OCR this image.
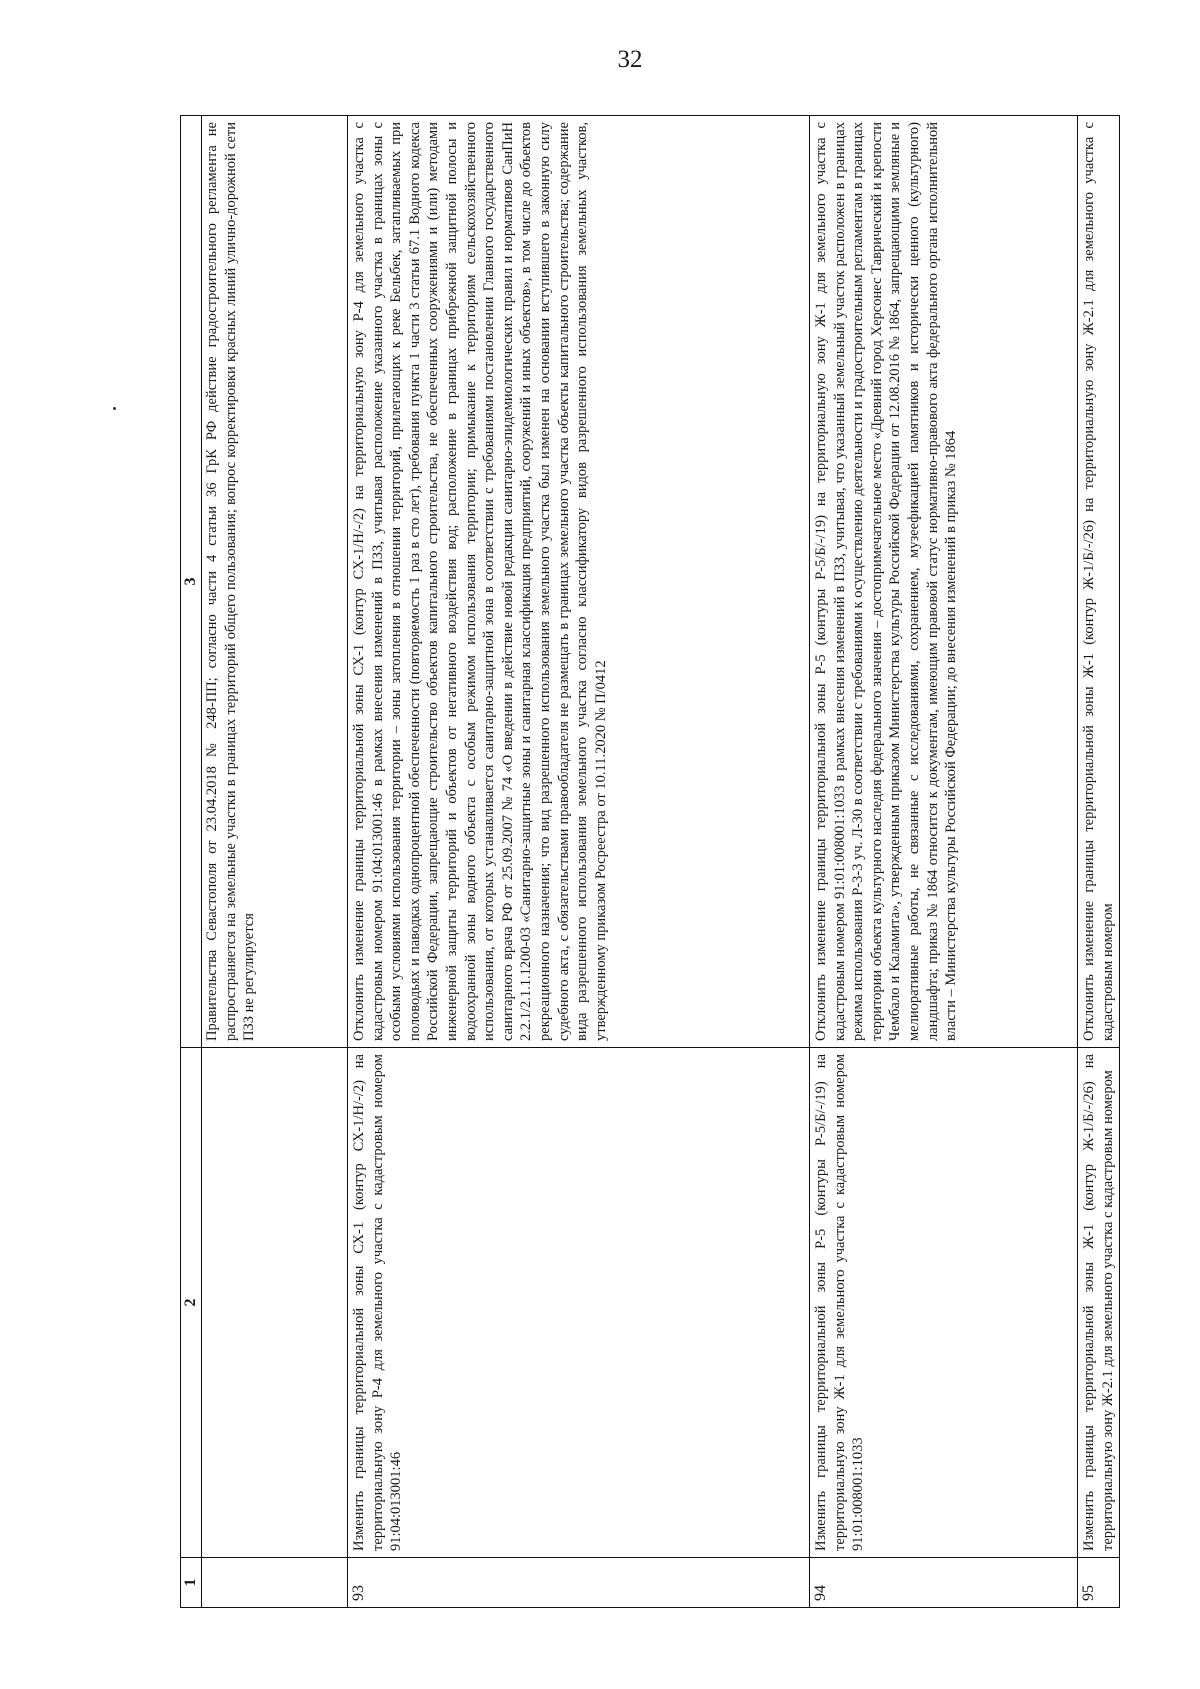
32
1	2	3
		Правительства Севастополя от 23.04.2018 № 248-ПП; согласно части 4 статьи 36 ГрК РФ действие градостроительного регламента не распространяется на земельные участки в границах территорий общего пользования; вопрос корректировки красных линий улично-дорожной сети ПЗЗ не регулируется
93	Изменить границы территориальной зоны СХ-1 (контур СХ-1/Н/-/2) на территориальную зону Р-4 для земельного участка с кадастровым номером 91:04:013001:46	Отклонить изменение границы территориальной зоны СХ-1 (контур СХ-1/Н/-/2) на территориальную зону Р-4 для земельного участка с кадастровым номером 91:04:013001:46 в рамках внесения изменений в ПЗЗ, учитывая расположение указанного участка в границах зоны с особыми условиями использования территории – зоны затопления в отношении территорий, прилегающих к реке Бельбек, затапливаемых при половодьях и паводках однопроцентной обеспеченности (повторяемость 1 раз в сто лет), требования пункта 1 части 3 статьи 67.1 Водного кодекса Российской Федерации, запрещающие строительство объектов капитального строительства, не обеспеченных сооружениями и (или) методами инженерной защиты территорий и объектов от негативного воздействия вод; расположение в границах прибрежной защитной полосы и водоохранной зоны водного объекта с особым режимом использования территории; примыкание к территориям сельскохозяйственного использования, от которых устанавливается санитарно-защитной зона в соответствии с требованиями постановлении Главного государственного санитарного врача РФ от 25.09.2007 № 74 «О введении в действие новой редакции санитарно-эпидемиологических правил и нормативов СанПиН 2.2.1/2.1.1.1200-03 «Санитарно-защитные зоны и санитарная классификация предприятий, сооружений и иных объектов», в том числе до объектов рекреационного назначения; что вид разрешенного использования земельного участка был изменен на основании вступившего в законную силу судебного акта, с обязательствами правообладателя не размещать в границах земельного участка объекты капитального строительства; содержание вида разрешенного использования земельного участка согласно классификатору видов разрешенного использования земельных участков, утвержденному приказом Росреестра от 10.11.2020 № П/0412
94	Изменить границы территориальной зоны Р-5 (контуры Р-5/Б/-/19) на территориальную зону Ж-1 для земельного участка с кадастровым номером 91:01:008001:1033	Отклонить изменение границы территориальной зоны Р-5 (контуры Р-5/Б/-/19) на территориальную зону Ж-1 для земельного участка с кадастровым номером 91:01:008001:1033 в рамках внесения изменений в ПЗЗ, учитывая, что указанный земельный участок расположен в границах режима использования Р-3-3 уч. Л-30 в соответствии с требованиями к осуществлению деятельности и градостроительным регламентам в границах территории объекта культурного наследия федерального значения – достопримечательное место «Древний город Херсонес Таврический и крепости Чембало и Каламита», утвержденным приказом Министерства культуры Российской Федерации от 12.08.2016 № 1864, запрещающими земляные и мелиоративные работы, не связанные с исследованиями, сохранением, музеефикацией памятников и исторически ценного (культурного) ландшафта; приказ № 1864 относится к документам, имеющим правовой статус нормативно-правового акта федерального органа исполнительной власти – Министерства культуры Российской Федерации; до внесения изменений в приказ № 1864
95	Изменить границы территориальной зоны Ж-1 (контур Ж-1/Б/-/26) на территориальную зону Ж-2.1 для земельного участка с кадастровым номером	Отклонить изменение границы территориальной зоны Ж-1 (контур Ж-1/Б/-/26) на территориальную зону Ж-2.1 для земельного участка с кадастровым номером
